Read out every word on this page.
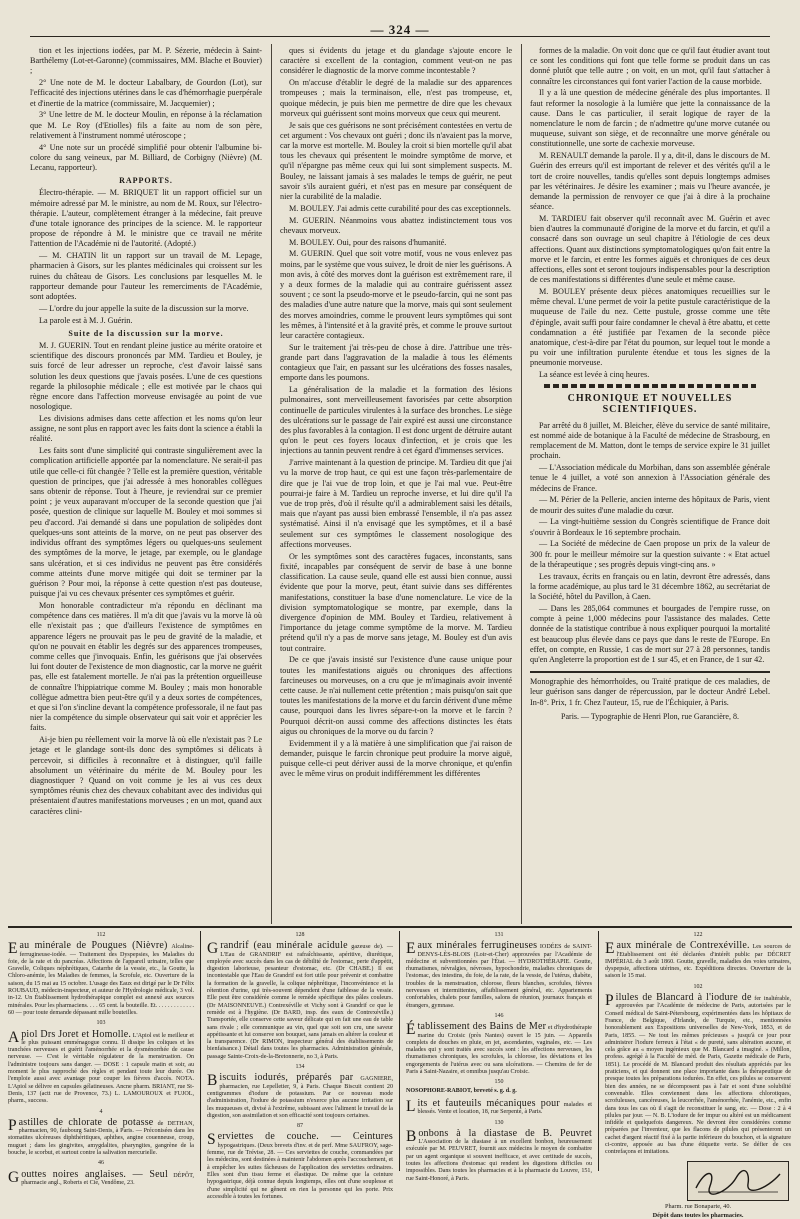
— 324 —

tion et les injections iodées, par M. P. Sézerie, médecin à Saint-Barthélemy (Lot-et-Garonne) (commissaires, MM. Blache et Bouvier) ;

2° Une note de M. le docteur Labalbary, de Gourdon (Lot), sur l'efficacité des injections utérines dans le cas d'hémorrhagie puerpérale et d'inertie de la matrice (commissaire, M. Jacquemier) ;

3° Une lettre de M. le docteur Moulin, en réponse à la réclamation que M. Le Roy (d'Etiolles) fils a faite au nom de son père, relativement à l'instrument nommé utéroscope ;

4° Une note sur un procédé simplifié pour obtenir l'albumine bi-colore du sang veineux, par M. Billiard, de Corbigny (Nièvre) (M. Lecanu, rapporteur).

RAPPORTS.

Électro-thérapie. — M. BRIQUET lit un rapport officiel sur un mémoire adressé par M. le ministre, au nom de M. Roux, sur l'électro-thérapie. L'auteur, complètement étranger à la médecine, fait preuve d'une totale ignorance des principes de la science. M. le rapporteur propose de répondre à M. le ministre que ce travail ne mérite l'attention de l'Académie ni de l'autorité. (Adopté.)

— M. CHATIN lit un rapport sur un travail de M. Lepage, pharmacien à Gisors, sur les plantes médicinales qui croissent sur les ruines du château de Gisors. Les conclusions par lesquelles M. le rapporteur demande pour l'auteur les remerciments de l'Académie, sont adoptées.

— L'ordre du jour appelle la suite de la discussion sur la morve.

La parole est à M. J. Guérin.

Suite de la discussion sur la morve.

M. J. GUERIN. Tout en rendant pleine justice au mérite oratoire et scientifique des discours prononcés par MM. Tardieu et Bouley, je suis forcé de leur adresser un reproche, c'est d'avoir laissé sans solution les deux questions que j'avais posées. L'une de ces questions regarde la philosophie médicale ; elle est motivée par le chaos qui règne encore dans l'affection morveuse envisagée au point de vue nosologique.

Les divisions admises dans cette affection et les noms qu'on leur assigne, ne sont plus en rapport avec les faits dont la science a établi la réalité.

Les faits sont d'une simplicité qui contraste singulièrement avec la complication artificielle apportée par la nomenclature. Ne serait-il pas utile que celle-ci fût changée ? Telle est la première question, véritable question de principes, que j'ai adressée à mes honorables collègues sans obtenir de réponse. Tout à l'heure, je reviendrai sur ce premier point ; je veux auparavant m'occuper de la seconde question que j'ai posée, question de clinique sur laquelle M. Bouley et moi sommes si peu d'accord. J'ai demandé si dans une population de solipèdes dont quelques-uns sont atteints de la morve, on ne peut pas observer des individus offrant des symptômes légers ou quelques-uns seulement des symptômes de la morve, le jetage, par exemple, ou le glandage sans ulcération, et si ces individus ne peuvent pas être considérés comme atteints d'une morve mitigée qui doit se terminer par la guérison ? Pour moi, la réponse à cette question n'est pas douteuse, puisque j'ai vu ces chevaux présenter ces symptômes et guérir.

Mon honorable contradicteur m'a répondu en déclinant ma compétence dans ces matières. Il m'a dit que j'avais vu la morve là où elle n'existait pas ; que d'ailleurs l'existence de symptômes en apparence légers ne prouvait pas le peu de gravité de la maladie, et qu'on ne pouvait en établir les degrés sur des apparences trompeuses, comme celles que j'invoquais. Enfin, les guérisons que j'ai observées lui font douter de l'existence de mon diagnostic, car la morve ne guérit pas, elle est fatalement mortelle. Je n'ai pas la prétention orgueilleuse de connaître l'hippiatrique comme M. Bouley ; mais mon honorable collègue admettra bien peut-être qu'il y a deux sortes de compétences, et que si l'on s'incline devant la compétence professorale, il ne faut pas nier la compétence du simple observateur qui sait voir et apprécier les faits.

Ai-je bien pu réellement voir la morve là où elle n'existait pas ? Le jetage et le glandage sont-ils donc des symptômes si délicats à percevoir, si difficiles à reconnaître et à distinguer, qu'il faille absolument un vétérinaire du mérite de M. Bouley pour les diagnostiquer ? Quand on voit comme je les ai vus ces deux symptômes réunis chez des chevaux cohabitant avec des individus qui présentaient d'autres manifestations morveuses ; en un mot, quand aux caractères clini-

ques si évidents du jetage et du glandage s'ajoute encore le caractère si excellent de la contagion, comment veut-on ne pas considérer le diagnostic de la morve comme incontestable ?

On m'accuse d'établir le degré de la maladie sur des apparences trompeuses ; mais la terminaison, elle, n'est pas trompeuse, et, quoique médecin, je puis bien me permettre de dire que les chevaux morveux qui guérissent sont moins morveux que ceux qui meurent.

Je sais que ces guérisons ne sont précisément contestées en vertu de cet argument : Vos chevaux ont guéri ; donc ils n'avaient pas la morve, car la morve est mortelle. M. Bouley la croit si bien mortelle qu'il abat tous les chevaux qui présentent le moindre symptôme de morve, et qu'il n'épargne pas même ceux qui lui sont simplement suspects. M. Bouley, ne laissant jamais à ses malades le temps de guérir, ne peut savoir s'ils auraient guéri, et n'est pas en mesure par conséquent de nier la curabilité de la maladie.

M. BOULEY. J'ai admis cette curabilité pour des cas exceptionnels.

M. GUERIN. Néanmoins vous abattez indistinctement tous vos chevaux morveux.

M. BOULEY. Oui, pour des raisons d'humanité.

M. GUERIN. Quel que soit votre motif, vous ne vous enlevez pas moins, par le système que vous suivez, le droit de nier les guérisons. A mon avis, à côté des morves dont la guérison est extrêmement rare, il y a deux formes de la maladie qui au contraire guérissent assez souvent ; ce sont la pseudo-morve et le pseudo-farcin, qui ne sont pas des maladies d'une autre nature que la morve, mais qui sont seulement des morves amoindries, comme le prouvent leurs symptômes qui sont les mêmes, à l'intensité et à la gravité près, et comme le prouve surtout leur caractère contagieux.

Sur le traitement j'ai très-peu de chose à dire. J'attribue une très-grande part dans l'aggravation de la maladie à tous les éléments contagieux que l'air, en passant sur les ulcérations des fosses nasales, emporte dans les poumons.

La généralisation de la maladie et la formation des lésions pulmonaires, sont merveilleusement favorisées par cette absorption continuelle de particules virulentes à la surface des bronches. Le siège des ulcérations sur le passage de l'air expiré est aussi une circonstance des plus favorables à la contagion. Il est donc urgent de détruire autant qu'on le peut ces foyers locaux d'infection, et je crois que les injections au tannin peuvent rendre à cet égard d'immenses services.

J'arrive maintenant à la question de principe. M. Tardieu dit que j'ai vu la morve de trop haut, ce qui est une façon très-parlementaire de dire que je l'ai vue de trop loin, et que je l'ai mal vue. Peut-être pourrai-je faire à M. Tardieu un reproche inverse, et lui dire qu'il l'a vue de trop près, d'où il résulte qu'il a admirablement saisi les détails, mais que n'ayant pas aussi bien embrassé l'ensemble, il n'a pas assez systématisé. Ainsi il n'a envisagé que les symptômes, et il a basé seulement sur ces symptômes le classement nosologique des affections morveuses.

Or les symptômes sont des caractères fugaces, inconstants, sans fixité, incapables par conséquent de servir de base à une bonne classification. La cause seule, quand elle est aussi bien connue, aussi évidente que pour la morve, peut, étant suivie dans ses différentes manifestations, constituer la base d'une nomenclature. Le vice de la division symptomatologique se montre, par exemple, dans la divergence d'opinion de MM. Bouley et Tardieu, relativement à l'importance du jetage comme symptôme de la morve. M. Tardieu prétend qu'il n'y a pas de morve sans jetage, M. Bouley est d'un avis tout contraire.

De ce que j'avais insisté sur l'existence d'une cause unique pour toutes les manifestations aiguës ou chroniques des affections farcineuses ou morveuses, on a cru que je m'imaginais avoir inventé cette cause. Je n'ai nullement cette prétention ; mais puisqu'on sait que toutes les manifestations de la morve et du farcin dérivent d'une même cause, pourquoi dans les livres sépare-t-on la morve et le farcin ? Pourquoi décrit-on aussi comme des affections distinctes les états aigus ou chroniques de la morve ou du farcin ?

Evidemment il y a là matière à une simplification que j'ai raison de demander, puisque le farcin chronique peut produire la morve aiguë, puisque celle-ci peut dériver aussi de la morve chronique, et qu'enfin avec le même virus on produit indifféremment les différentes

formes de la maladie. On voit donc que ce qu'il faut étudier avant tout ce sont les conditions qui font que telle forme se produit dans un cas donné plutôt que telle autre ; on voit, en un mot, qu'il faut s'attacher à connaître les circonstances qui font varier l'action de la cause morbide.

Il y a là une question de médecine générale des plus importantes. Il faut reformer la nosologie à la lumière que jette la connaissance de la cause. Dans le cas particulier, il serait logique de rayer de la nomenclature le nom de farcin ; de n'admettre qu'une morve cutanée ou muqueuse, suivant son siège, et de reconnaître une morve générale ou constitutionnelle, une sorte de cachexie morveuse.

M. RENAULT demande la parole. Il y a, dit-il, dans le discours de M. Guérin des erreurs qu'il est important de relever et des vérités qu'il a le tort de croire nouvelles, tandis qu'elles sont depuis longtemps admises par les vétérinaires. Je désire les examiner ; mais vu l'heure avancée, je demande la permission de renvoyer ce que j'ai à dire à la prochaine séance.

M. TARDIEU fait observer qu'il reconnaît avec M. Guérin et avec bien d'autres la communauté d'origine de la morve et du farcin, et qu'il a consacré dans son ouvrage un seul chapitre à l'étiologie de ces deux affections. Quant aux distinctions symptomatologiques qu'on fait entre la morve et le farcin, et entre les formes aiguës et chroniques de ces deux affections, elles sont et seront toujours indispensables pour la description de ces manifestations si différentes d'une seule et même cause.

M. BOULEY présente deux pièces anatomiques recueillies sur le même cheval. L'une permet de voir la petite pustule caractéristique de la muqueuse de l'aile du nez. Cette pustule, grosse comme une tête d'épingle, avait suffi pour faire condamner le cheval à être abattu, et cette condamnation a été justifiée par l'examen de la seconde pièce anatomique, c'est-à-dire par l'état du poumon, sur lequel tout le monde a pu voir une infiltration purulente étendue et tous les signes de la pneumonie morveuse.

La séance est levée à cinq heures.

CHRONIQUE ET NOUVELLES SCIENTIFIQUES.

Par arrêté du 8 juillet, M. Bleicher, élève du service de santé militaire, est nommé aide de botanique à la Faculté de médecine de Strasbourg, en remplacement de M. Matton, dont le temps de service expire le 31 juillet prochain.

— L'Association médicale du Morbihan, dans son assemblée générale tenue le 4 juillet, a voté son annexion à l'Association générale des médecins de France.

— M. Périer de la Pellerie, ancien interne des hôpitaux de Paris, vient de mourir des suites d'une maladie du cœur.

— La vingt-huitième session du Congrès scientifique de France doit s'ouvrir à Bordeaux le 16 septembre prochain.

— La Société de médecine de Caen propose un prix de la valeur de 300 fr. pour le meilleur mémoire sur la question suivante : « Etat actuel de la thérapeutique ; ses progrès depuis vingt-cinq ans. »

Les travaux, écrits en français ou en latin, devront être adressés, dans la forme académique, au plus tard le 31 décembre 1862, au secrétariat de la Société, hôtel du Pavillon, à Caen.

— Dans les 285,064 communes et bourgades de l'empire russe, on compte à peine 1,000 médecins pour l'assistance des malades. Cette donnée de la statistique contribue à nous expliquer pourquoi la mortalité est beaucoup plus élevée dans ce pays que dans le reste de l'Europe. En effet, on compte, en Russie, 1 cas de mort sur 27 à 28 personnes, tandis qu'en Angleterre la proportion est de 1 sur 45, et en France, de 1 sur 42.

Monographie des hémorrhoïdes, ou Traité pratique de ces maladies, de leur guérison sans danger de répercussion, par le docteur André Lebel. In-8°. Prix, 1 fr. Chez l'auteur, 15, rue de l'Échiquier, à Paris.

Paris. — Typographie de Henri Plon, rue Garancière, 8.
112

Eau minérale de Pougues (Nièvre) Alcaline-ferrugineuse-iodée. — Traitement des Dyspepsies, les Maladies du foie, de la rate et du pancréas. Affections de l'appareil urinaire, telles que Gravelle, Coliques néphrétiques, Catarrhe de la vessie, etc., la Goutte, la Chloro-anémie, les Maladies de femmes, la Scrofule, etc. Ouverture de la saison, du 15 mai au 15 octobre. L'usage des Eaux est dirigé par le Dr Félix ROUBAUD, médecin-inspecteur, et auteur de l'Hydrologie médicale, 3 vol. in-12. Un Établissement hydrothérapique complet est annexé aux sources minérales. Pour les pharmaciens. . . . 65 cent. la bouteille. Et. . . . . . . . . . . . . 60 — pour toute demande dépassant mille bouteilles.

103

Apiol Drs Joret et Homolle. L'Apiol est le meilleur et le plus puissant emménagogue connu. Il dissipe les coliques et les tranchées nerveuses et guérit l'aménorrhée et la dysménorrhée de cause nerveuse. — C'est le véritable régulateur de la menstruation. On l'administre toujours sans danger. — DOSE : 1 capsule matin et soir, au moment le plus rapproché des règles et pendant toute leur durée. On l'emploie aussi avec avantage pour couper les fièvres d'accès. NOTA. L'Apiol se délivre en capsules gélatineuses. Ancne pharm. BRIANT, rue St-Denis, 137 (actt rue de Provence, 73.) L. LAMOUROUX et FUJOL, pharm., success.

4

Pastilles de chlorate de potasse de DETHAN, pharmacien, 90, faubourg Saint-Denis, à Paris. — Préconisées dans les stomatites ulcéreuses diphthéritiques, aphthes, angine couenneuse, croup, muguet ; dans les gingivites, amygdalites, pharyngites, gangrène de la bouche, le scorbut, et surtout contre la salivation mercurielle.

46

Gouttes noires anglaises. — Seul DÉPÔT, pharmacie angl., Roberts et Cie, Vendôme, 23.

128

Grandrif (eau minérale acidule gazeuse de). — L'Eau de GRANDRIF est rafraîchissante, apéritive, diurétique, employée avec succès dans les cas de débilité de l'estomac, perte d'appétit, digestion laborieuse, pesanteur d'estomac, etc. (Dr CHABE.) Il est incontestable que l'Eau de Grandrif est fort utile pour prévenir et combattre la formation de la gravelle, la colique néphrétique, l'inconvénience et la rétention d'urine, qui très-souvent dépendent d'une faiblesse de la vessie. Elle peut être considérée comme le remède spécifique des pâles couleurs. (Dr MAISONNEUVE.) Contrexéville et Vichy sont à Grandrif ce que le remède est à l'hygiène. (Dr BARD, insp. des eaux de Contrexéville.) Transportée, elle conserve cette saveur délicate qui en fait une eau de table sans rivale ; elle communique au vin, quel que soit son cru, une saveur appétissante et lui conserve son bouquet, sans jamais en altérer la couleur et la transparence. (Dr RIMON, inspecteur général des établissements de bienfaisance.) Détail dans toutes les pharmacies. Administration générale, passage Sainte-Croix-de-la-Bretonnerie, no 3, à Paris.

134

Biscuits iodurés, préparés par GAGNIERE, pharmacien, rue Lepelletier, 9, à Paris. Chaque Biscuit contient 20 centigrammes d'iodure de potassium. Par ce nouveau mode d'administration, l'iodure de potassium n'exerce plus aucune irritation sur les muqueuses et, divisé à l'extrême, subissant avec l'aliment le travail de la digestion, son assimilation et son efficacité sont toujours certaines.

87

Serviettes de couche. — Ceintures hypogastriques. (Deux brevets d'inv. et de perf. Mme SAUFROY, sage-femme, rue de Trévise, 28. — Ces serviettes de couche, commandées par les médecins, sont destinées à maintenir l'abdomen après l'accouchement, et à empêcher les suites fâcheuses de l'application des serviettes ordinaires. Elles sont d'un tissu ferme et élastique. De même que la ceinture hypogastrique, déjà connue depuis longtemps, elles ont d'une souplesse et d'une simplicité qui ne gênent en rien la personne qui les porte. Prix accessible à toutes les fortunes.

131

Eaux minérales ferrugineuses IODÉES de SAINT-DENYS-LÈS-BLOIS (Loir-et-Cher) approuvées par l'Académie de médecine et subventionnées par l'État. — HYDROTHÉRAPIE. Goutte, rhumatismes, névralgies, névroses, hypochondrie, maladies chroniques de l'estomac, des intestins, du foie, de la rate, de la vessie, de l'utérus, diabète, troubles de la menstruation, chlorose, fleurs blanches, scrofules, fièvres nerveuses et intermittentes, affaiblissement général, etc. Appartements confortables, chalets pour familles, salons de réunion, journaux français et étrangers, gymnase.

146

Établissement des Bains de Mer et d'hydrothérapie marine du Croisic (près Nantes) ouvert le 15 juin. — Appareils complets de douches en pluie, en jet, ascendantes, vaginales, etc. — Les malades qui y sont traités avec succès sont : les affections nerveuses, les rhumatismes chroniques, les scrofules, la chlorose, les déviations et les engorgements de l'utérus avec ou sans ulcérations. — Chemins de fer de Paris à Saint-Nazaire, et omnibus jusqu'au Croisic.

150

NOSOPHORE-RABIOT, breveté s. g. d. g.

Lits et fauteuils mécaniques pour malades et blessés. Vente et location, 18, rue Serpente, à Paris.

130

Bonbons à la diastase de B. Peuvret L'Association de la diastase à un excellent bonbon, heureusement exécutée par M. PEUVRET, fournit aux médecins le moyen de combattre par un agent organique si souvent inefficace, et avec certitude de succès, toutes les affections d'estomac qui rendent les digestions difficiles ou impossibles. Dans toutes les pharmacies et à la pharmacie du Louvre, 151, rue Saint-Honoré, à Paris.

122

Eaux minérale de Contrexéville. Les sources de l'Etablissement ont été déclarées d'intérêt public par DÉCRET IMPÉRIAL du 3 août 1860. Goutte, gravelle, maladies des voies urinaires, dyspepsie, affections utérines, etc. Expéditions directes. Ouverture de la saison le 15 mai.

102

Pilules de Blancard à l'iodure de fer inaltérable, approuvées par l'Académie de médecine de Paris, autorisées par le Conseil médical de Saint-Pétersbourg, expérimentées dans les hôpitaux de France, de Belgique, d'Irlande, de Turquie, etc., mentionnées honorablement aux Expositions universelles de New-York, 1853, et de Paris, 1855. — Ne tout les mêmes précieuses « jusqu'à ce jour pour administrer l'iodure ferreux à l'état « de pureté, sans altération aucune, et cela grâce au « moyen ingénieux que M. Blancard a imaginé. » (Millon, profess. agrégé à la Faculté de méd. de Paris, Gazette médicale de Paris, 1851). Le procédé de M. Blancard produit des résultats appréciés par les praticiens, et qui donnent une place importante dans la thérapeutique de presque toutes les préparations iodurées. En effet, ces pilules se conservent bien des années, ne se décomposent pas à l'air et sont d'une solubilité convenable. Elles conviennent dans les affections chlorotiques, scrofuleuses, cancéreuses, la leucorrhée, l'aménorrhée, l'anémie, etc., enfin dans tous les cas où il s'agit de reconstituer le sang, etc. — Dose : 2 à 4 pilules par jour. — N. B. L'iodure de fer impur ou altéré est un médicament infidèle et quelquefois dangereux. Ne devront être considérées comme préparées par l'inventeur, que les flacons de pilules qui présenteront un cachet d'argent réactif fixé à la partie inférieure du bouchon, et la signature ci-contre, apposée au bas d'une étiquette verte. Se défier de ces contrefaçons et imitations.

Pharm. rue Bonaparte, 40.
Dépôt dans toutes les pharmacies.
